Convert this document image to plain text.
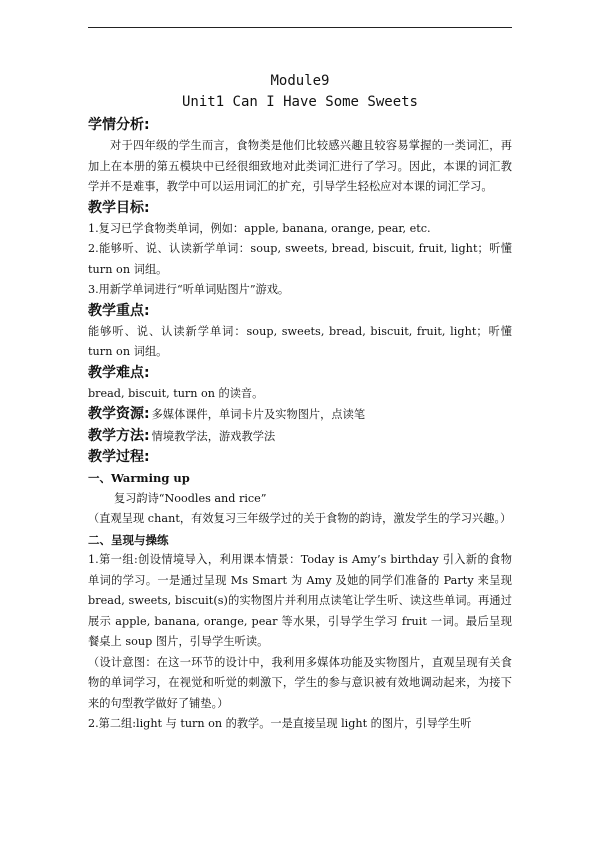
Module9

Unit1 Can I Have Some Sweets

学情分析:

对于四年级的学生而言，食物类是他们比较感兴趣且较容易掌握的一类词汇，再加上在本册的第五模块中已经很细致地对此类词汇进行了学习。因此，本课的词汇教学并不是难事，教学中可以运用词汇的扩充，引导学生轻松应对本课的词汇学习。

教学目标:

1.复习已学食物类单词，例如：apple, banana, orange, pear, etc.

2.能够听、说、认读新学单词：soup, sweets, bread, biscuit, fruit, light；听懂 turn on 词组。

3.用新学单词进行“听单词贴图片”游戏。

教学重点:

能够听、说、认读新学单词：soup, sweets, bread, biscuit, fruit, light；听懂 turn on 词组。

教学难点:

bread, biscuit, turn on 的读音。

教学资源: 多媒体课件，单词卡片及实物图片，点读笔
教学方法: 情境教学法，游戏教学法

教学过程:

一、Warming up

复习韵诗“Noodles and rice”

（直观呈现 chant，有效复习三年级学过的关于食物的韵诗，激发学生的学习兴趣。）

二、呈现与操练

1.第一组:创设情境导入，利用课本情景：Today is Amy’s birthday 引入新的食物单词的学习。一是通过呈现 Ms Smart 为 Amy 及她的同学们准备的 Party 来呈现 bread, sweets, biscuit(s)的实物图片并利用点读笔让学生听、读这些单词。再通过展示 apple, banana, orange, pear 等水果，引导学生学习 fruit 一词。最后呈现餐桌上 soup 图片，引导学生听读。

（设计意图：在这一环节的设计中，我利用多媒体功能及实物图片，直观呈现有关食物的单词学习，在视觉和听觉的刺激下，学生的参与意识被有效地调动起来，为接下来的句型教学做好了铺垫。）

2.第二组:light 与 turn on 的教学。一是直接呈现 light 的图片，引导学生听
